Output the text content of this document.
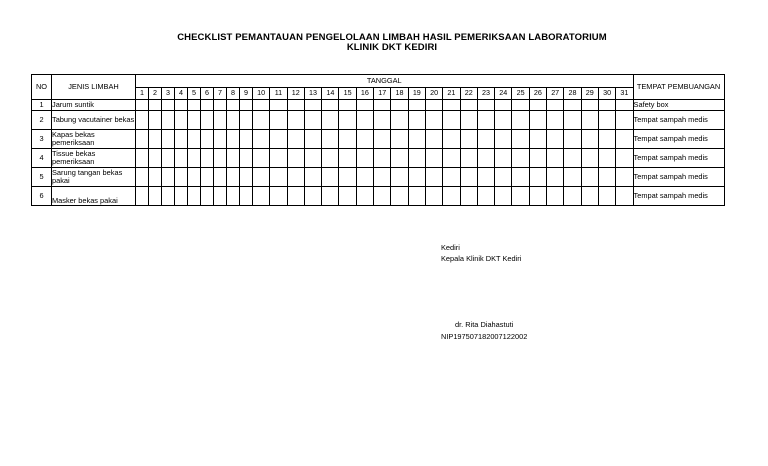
CHECKLIST PEMANTAUAN PENGELOLAAN LIMBAH HASIL PEMERIKSAAN LABORATORIUM
KLINIK DKT KEDIRI
NO	JENIS LIMBAH	TANGGAL																															TEMPAT PEMBUANGAN
		1	2	3	4	5	6	7	8	9	10	11	12	13	14	15	16	17	18	19	20	21	22	23	24	25	26	27	28	29	30	31	
1	Jarum suntik																																Safety box
2	Tabung vacutainer bekas																																Tempat sampah medis
3	Kapas bekas pemeriksaan																																Tempat sampah medis
4	Tissue bekas pemeriksaan																																Tempat sampah medis
5	Sarung tangan bekas pakai																																Tempat sampah medis
6	Masker bekas pakai																																Tempat sampah medis
Kediri
Kepala Klinik DKT Kediri
dr. Rita Diahastuti
NIP197507182007122002
